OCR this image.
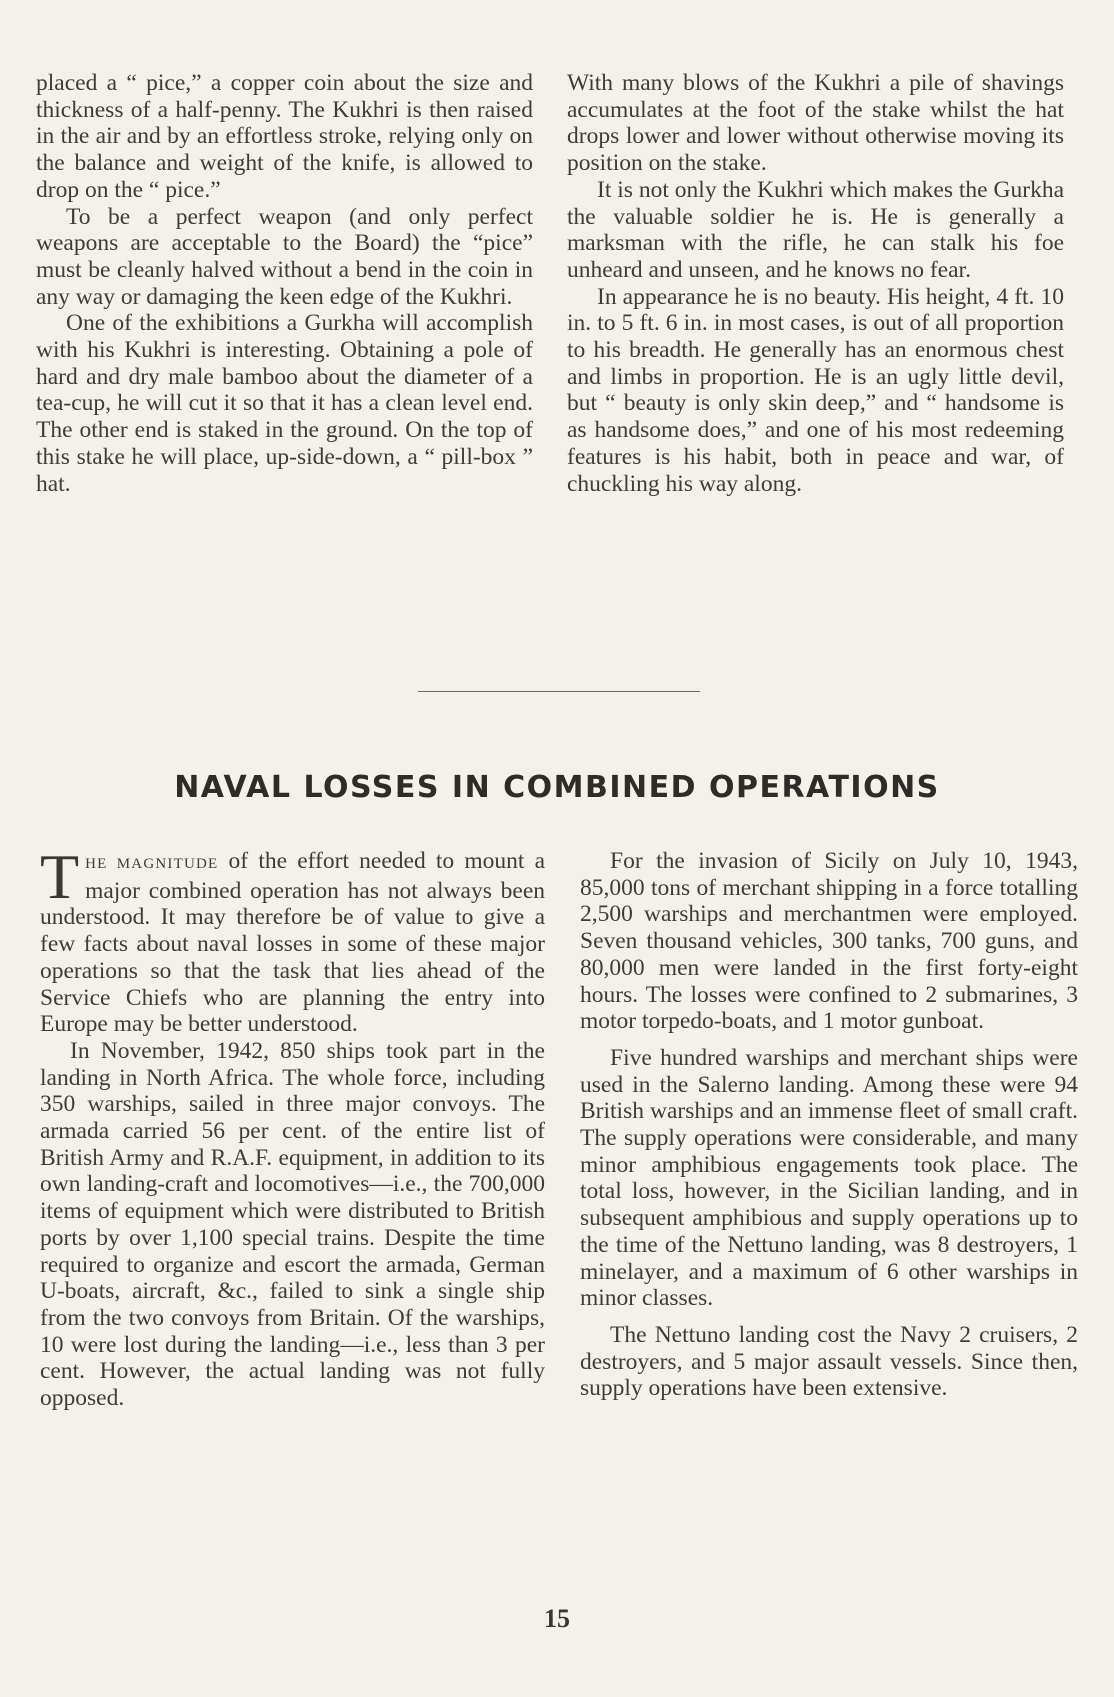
placed a “ pice,” a copper coin about the size and thickness of a half-penny. The Kukhri is then raised in the air and by an effortless stroke, relying only on the balance and weight of the knife, is allowed to drop on the “ pice.”

To be a perfect weapon (and only perfect weapons are acceptable to the Board) the “pice” must be cleanly halved without a bend in the coin in any way or damaging the keen edge of the Kukhri.

One of the exhibitions a Gurkha will accomplish with his Kukhri is interesting. Obtaining a pole of hard and dry male bamboo about the diameter of a tea-cup, he will cut it so that it has a clean level end. The other end is staked in the ground. On the top of this stake he will place, up-side-down, a “ pill-box ” hat.

With many blows of the Kukhri a pile of shavings accumulates at the foot of the stake whilst the hat drops lower and lower without otherwise moving its position on the stake.

It is not only the Kukhri which makes the Gurkha the valuable soldier he is. He is generally a marksman with the rifle, he can stalk his foe unheard and unseen, and he knows no fear.

In appearance he is no beauty. His height, 4 ft. 10 in. to 5 ft. 6 in. in most cases, is out of all proportion to his breadth. He generally has an enormous chest and limbs in proportion. He is an ugly little devil, but “ beauty is only skin deep,” and “ handsome is as handsome does,” and one of his most redeeming features is his habit, both in peace and war, of chuckling his way along.

NAVAL LOSSES IN COMBINED OPERATIONS

THE MAGNITUDE of the effort needed to mount a major combined operation has not always been understood. It may therefore be of value to give a few facts about naval losses in some of these major operations so that the task that lies ahead of the Service Chiefs who are planning the entry into Europe may be better understood.

In November, 1942, 850 ships took part in the landing in North Africa. The whole force, including 350 warships, sailed in three major convoys. The armada carried 56 per cent. of the entire list of British Army and R.A.F. equipment, in addition to its own landing-craft and locomotives—i.e., the 700,000 items of equipment which were distributed to British ports by over 1,100 special trains. Despite the time required to organize and escort the armada, German U-boats, aircraft, &c., failed to sink a single ship from the two convoys from Britain. Of the warships, 10 were lost during the landing—i.e., less than 3 per cent. However, the actual landing was not fully opposed.

For the invasion of Sicily on July 10, 1943, 85,000 tons of merchant shipping in a force totalling 2,500 warships and merchantmen were employed. Seven thousand vehicles, 300 tanks, 700 guns, and 80,000 men were landed in the first forty-eight hours. The losses were confined to 2 submarines, 3 motor torpedo-boats, and 1 motor gunboat.

Five hundred warships and merchant ships were used in the Salerno landing. Among these were 94 British warships and an immense fleet of small craft. The supply operations were considerable, and many minor amphibious engagements took place. The total loss, however, in the Sicilian landing, and in subsequent amphibious and supply operations up to the time of the Nettuno landing, was 8 destroyers, 1 minelayer, and a maximum of 6 other warships in minor classes.

The Nettuno landing cost the Navy 2 cruisers, 2 destroyers, and 5 major assault vessels. Since then, supply operations have been extensive.

15
